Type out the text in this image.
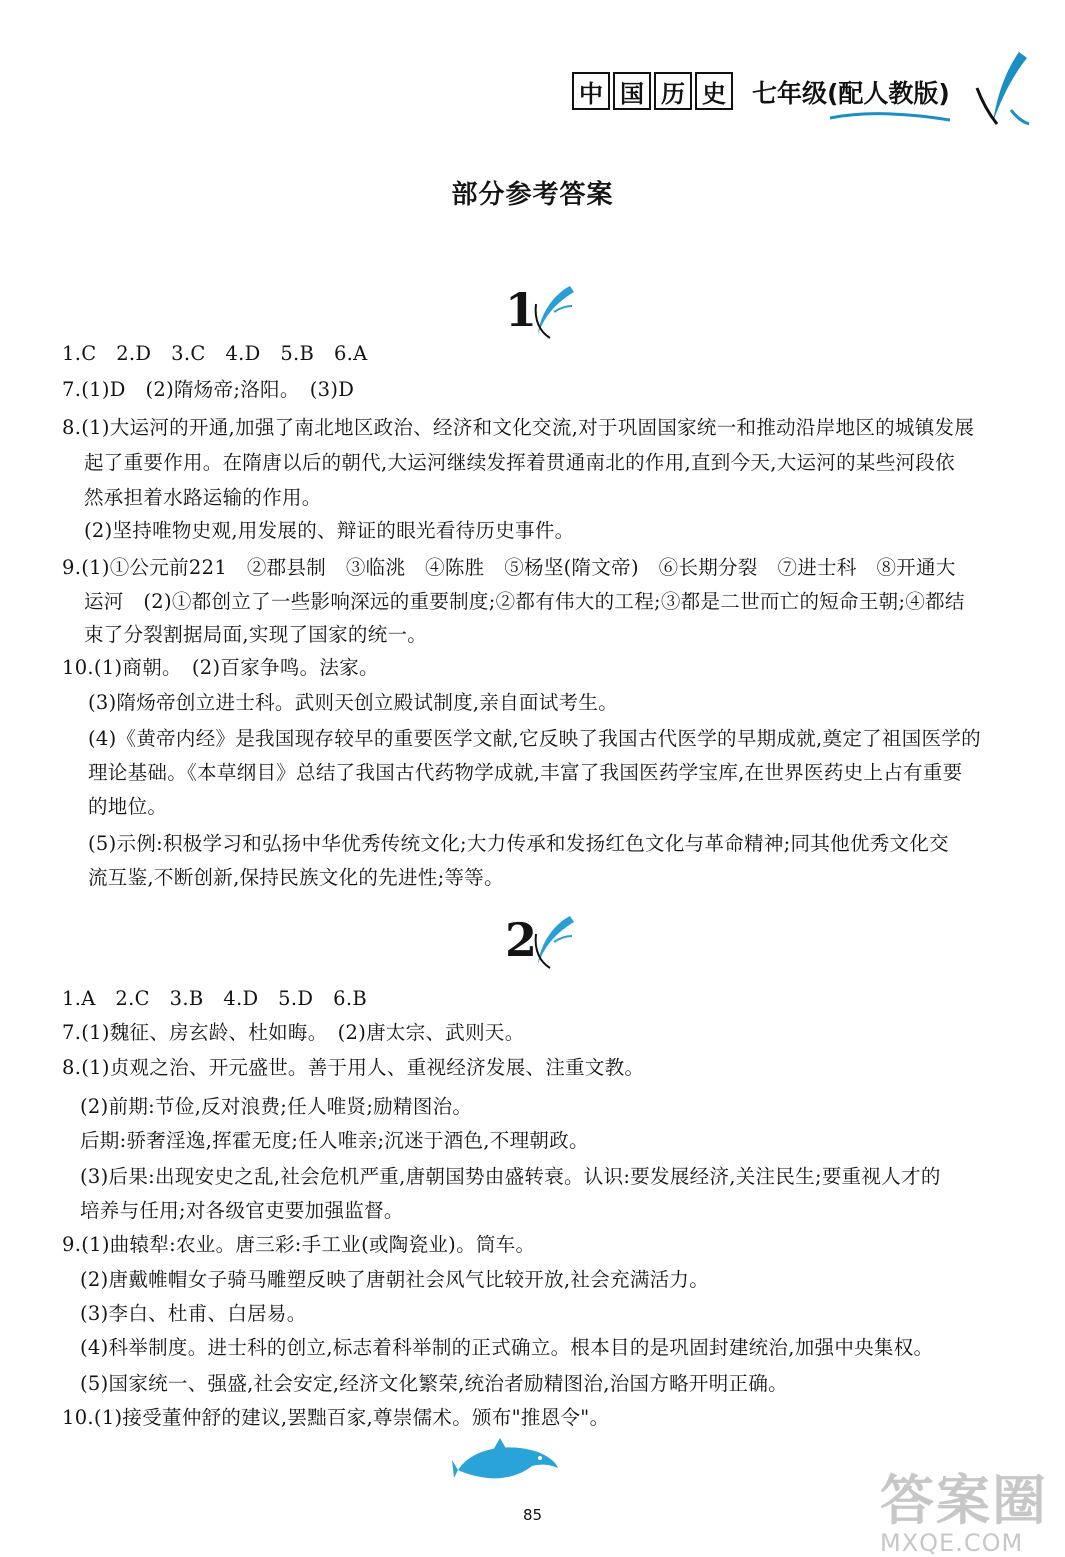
中 国 历 史 七年级(配人教版)
部分参考答案
1
1.C　2.D　3.C　4.D　5.B　6.A
7.(1)D　(2)隋炀帝;洛阳。　(3)D
8.(1)大运河的开通,加强了南北地区政治、经济和文化交流,对于巩固国家统一和推动沿岸地区的城镇发展
起了重要作用。在隋唐以后的朝代,大运河继续发挥着贯通南北的作用,直到今天,大运河的某些河段依
然承担着水路运输的作用。
(2)坚持唯物史观,用发展的、辩证的眼光看待历史事件。
9.(1)①公元前221　②郡县制　③临洮　④陈胜　⑤杨坚(隋文帝)　⑥长期分裂　⑦进士科　⑧开通大
运河　(2)①都创立了一些影响深远的重要制度;②都有伟大的工程;③都是二世而亡的短命王朝;④都结
束了分裂割据局面,实现了国家的统一。
10.(1)商朝。　(2)百家争鸣。法家。
(3)隋炀帝创立进士科。武则天创立殿试制度,亲自面试考生。
(4)《黄帝内经》是我国现存较早的重要医学文献,它反映了我国古代医学的早期成就,奠定了祖国医学的
理论基础。《本草纲目》总结了我国古代药物学成就,丰富了我国医药学宝库,在世界医药史上占有重要
的地位。
(5)示例:积极学习和弘扬中华优秀传统文化;大力传承和发扬红色文化与革命精神;同其他优秀文化交
流互鉴,不断创新,保持民族文化的先进性;等等。
2
1.A　2.C　3.B　4.D　5.D　6.B
7.(1)魏征、房玄龄、杜如晦。　(2)唐太宗、武则天。
8.(1)贞观之治、开元盛世。善于用人、重视经济发展、注重文教。
(2)前期:节俭,反对浪费;任人唯贤;励精图治。
后期:骄奢淫逸,挥霍无度;任人唯亲;沉迷于酒色,不理朝政。
(3)后果:出现安史之乱,社会危机严重,唐朝国势由盛转衰。认识:要发展经济,关注民生;要重视人才的
培养与任用;对各级官吏要加强监督。
9.(1)曲辕犁:农业。唐三彩:手工业(或陶瓷业)。筒车。
(2)唐戴帷帽女子骑马雕塑反映了唐朝社会风气比较开放,社会充满活力。
(3)李白、杜甫、白居易。
(4)科举制度。进士科的创立,标志着科举制的正式确立。根本目的是巩固封建统治,加强中央集权。
(5)国家统一、强盛,社会安定,经济文化繁荣,统治者励精图治,治国方略开明正确。
10.(1)接受董仲舒的建议,罢黜百家,尊崇儒术。颁布"推恩令"。
85	答案圈
MXQE.COM
